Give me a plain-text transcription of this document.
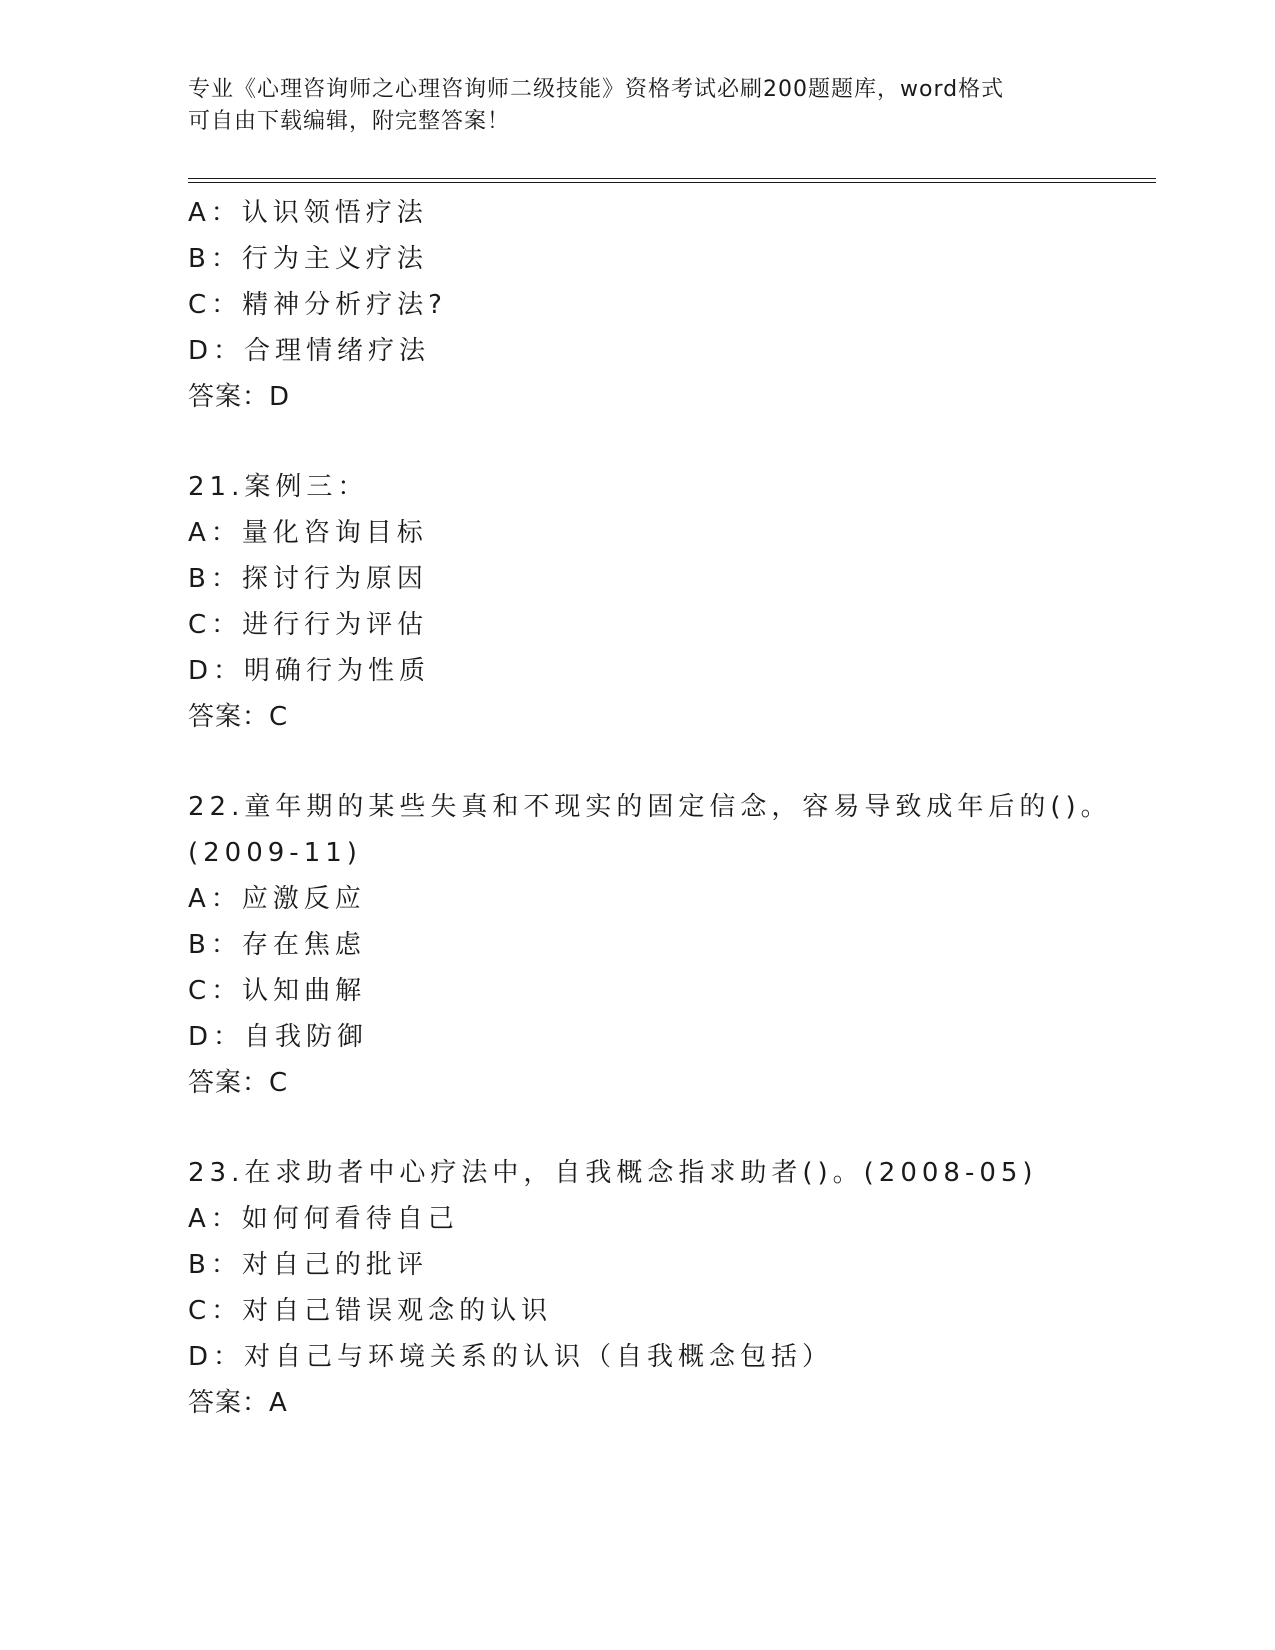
专业《心理咨询师之心理咨询师二级技能》资格考试必刷200题题库，word格式
可自由下载编辑，附完整答案！
A：认识领悟疗法
B：行为主义疗法
C：精神分析疗法?
D：合理情绪疗法
答案：D
21.案例三：
A：量化咨询目标
B：探讨行为原因
C：进行行为评估
D：明确行为性质
答案：C
22.童年期的某些失真和不现实的固定信念，容易导致成年后的()。
(2009-11)
A：应激反应
B：存在焦虑
C：认知曲解
D：自我防御
答案：C
23.在求助者中心疗法中，自我概念指求助者()。(2008-05)
A：如何何看待自己
B：对自己的批评
C：对自己错误观念的认识
D：对自己与环境关系的认识（自我概念包括）
答案：A
